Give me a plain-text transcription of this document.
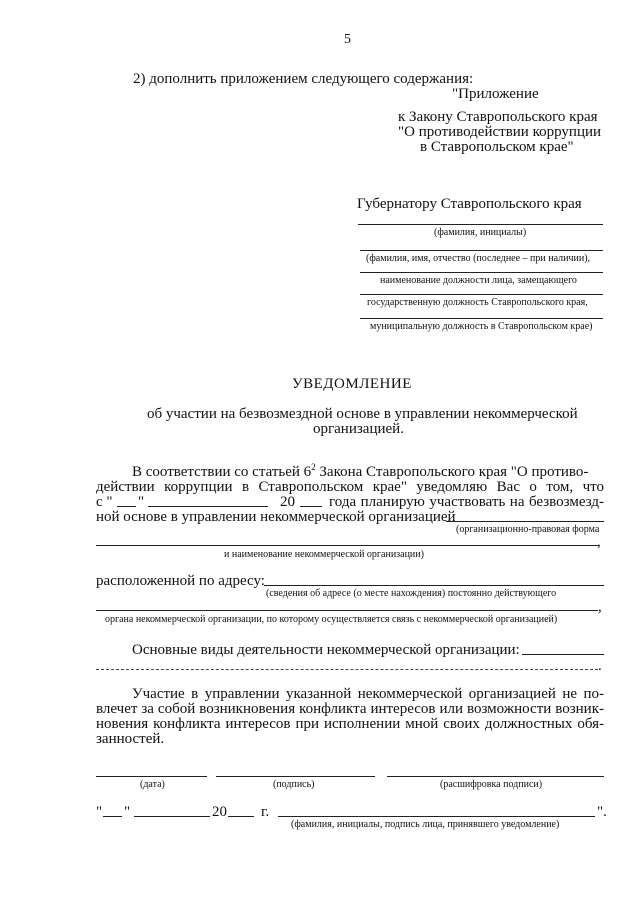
5
2) дополнить приложением следующего содержания:
"Приложение
к Закону Ставропольского края
"О противодействии коррупции
в Ставропольском крае"
Губернатору Ставропольского края
(фамилия, инициалы)
(фамилия, имя, отчество (последнее – при наличии),
наименование должности лица, замещающего
государственную должность Ставропольского края,
муниципальную должность в Ставропольском крае)
УВЕДОМЛЕНИЕ
об участии на безвозмездной основе в управлении некоммерческой
организацией.
В соответствии со статьей $6^2$ Закона Ставропольского края "О противо-
действии коррупции в Ставропольском крае" уведомляю Вас о том, что
с " "	20 года планирую участвовать на безвозмезд-
ной основе в управлении некоммерческой организацией
(организационно-правовая форма
,
и наименование некоммерческой организации)
расположенной по адресу:
(сведения об адресе (о месте нахождения) постоянно действующего
,
органа некоммерческой организации, по которому осуществляется связь с некоммерческой организацией)
Основные виды деятельности некоммерческой организации:
.
Участие в управлении указанной некоммерческой организацией не по-
влечет за собой возникновения конфликта интересов или возможности возник-
новения конфликта интересов при исполнении мной своих должностных обя-
занностей.
(дата)	(подпись)	(расшифровка подписи)
" "	20 г.	".
(фамилия, инициалы, подпись лица, принявшего уведомление)
